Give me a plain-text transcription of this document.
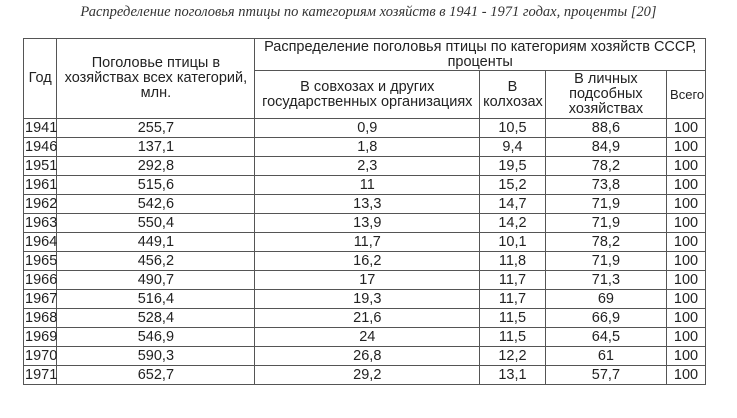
Распределение поголовья птицы по категориям хозяйств в 1941 - 1971 годах, проценты [20]
Год	Поголовье птицы в хозяйствах всех категорий, млн.	Распределение поголовья птицы по категориям хозяйств СССР, проценты			
		В совхозах и других государственных организациях	В колхозах	В личных подсобных хозяйствах	Всего
1941	255,7	0,9	10,5	88,6	100
1946	137,1	1,8	9,4	84,9	100
1951	292,8	2,3	19,5	78,2	100
1961	515,6	11	15,2	73,8	100
1962	542,6	13,3	14,7	71,9	100
1963	550,4	13,9	14,2	71,9	100
1964	449,1	11,7	10,1	78,2	100
1965	456,2	16,2	11,8	71,9	100
1966	490,7	17	11,7	71,3	100
1967	516,4	19,3	11,7	69	100
1968	528,4	21,6	11,5	66,9	100
1969	546,9	24	11,5	64,5	100
1970	590,3	26,8	12,2	61	100
1971	652,7	29,2	13,1	57,7	100
